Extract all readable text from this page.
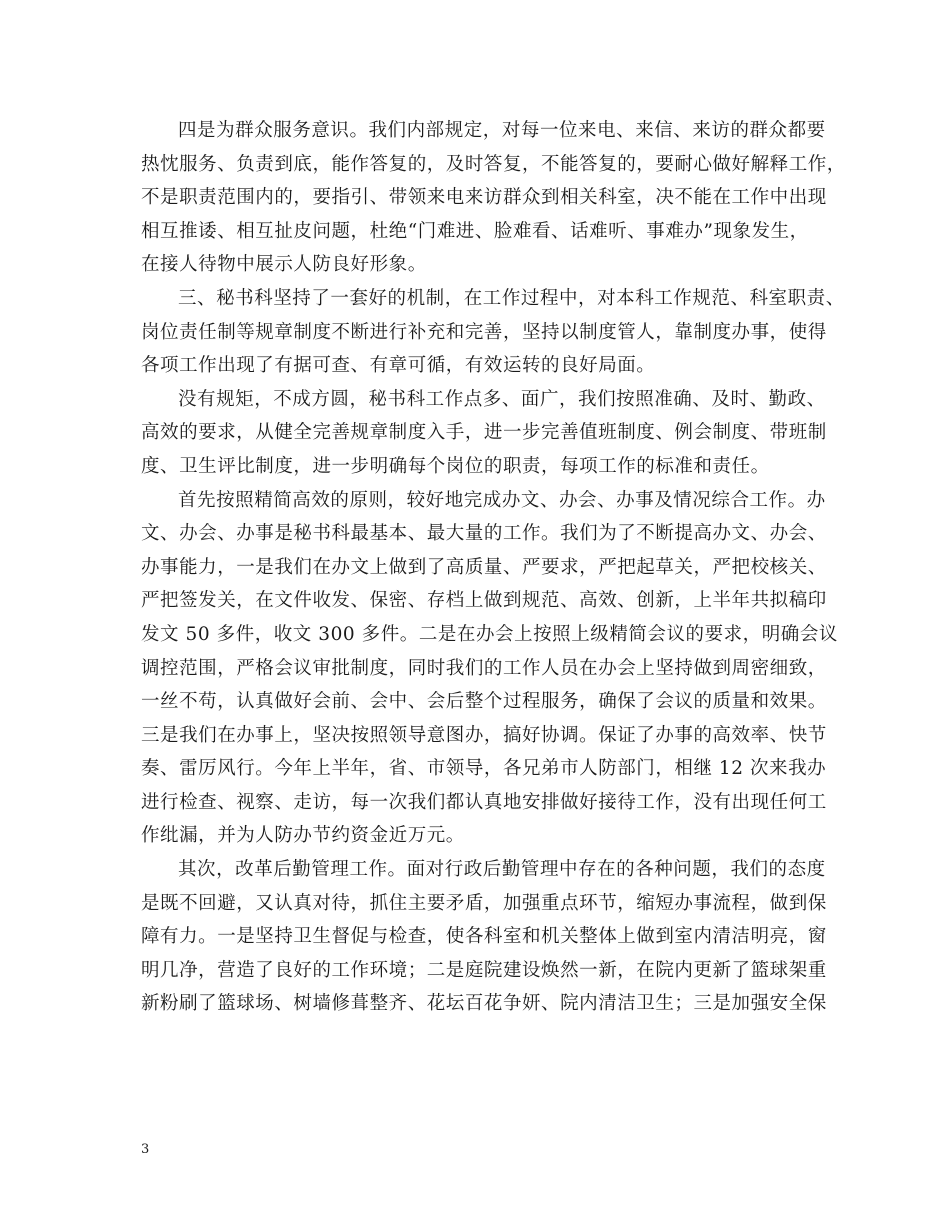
四是为群众服务意识。我们内部规定，对每一位来电、来信、来访的群众都要
热忱服务、负责到底，能作答复的，及时答复，不能答复的，要耐心做好解释工作，
不是职责范围内的，要指引、带领来电来访群众到相关科室，决不能在工作中出现
相互推诿、相互扯皮问题，杜绝“门难进、脸难看、话难听、事难办”现象发生，
在接人待物中展示人防良好形象。
三、秘书科坚持了一套好的机制，在工作过程中，对本科工作规范、科室职责、
岗位责任制等规章制度不断进行补充和完善，坚持以制度管人，靠制度办事，使得
各项工作出现了有据可查、有章可循，有效运转的良好局面。
没有规矩，不成方圆，秘书科工作点多、面广，我们按照准确、及时、勤政、
高效的要求，从健全完善规章制度入手，进一步完善值班制度、例会制度、带班制
度、卫生评比制度，进一步明确每个岗位的职责，每项工作的标准和责任。
首先按照精简高效的原则，较好地完成办文、办会、办事及情况综合工作。办
文、办会、办事是秘书科最基本、最大量的工作。我们为了不断提高办文、办会、
办事能力，一是我们在办文上做到了高质量、严要求，严把起草关，严把校核关、
严把签发关，在文件收发、保密、存档上做到规范、高效、创新，上半年共拟稿印
发文 50 多件，收文 300 多件。二是在办会上按照上级精简会议的要求，明确会议
调控范围，严格会议审批制度，同时我们的工作人员在办会上坚持做到周密细致，
一丝不苟，认真做好会前、会中、会后整个过程服务，确保了会议的质量和效果。
三是我们在办事上，坚决按照领导意图办，搞好协调。保证了办事的高效率、快节
奏、雷厉风行。今年上半年，省、市领导，各兄弟市人防部门，相继 12 次来我办
进行检查、视察、走访，每一次我们都认真地安排做好接待工作，没有出现任何工
作纰漏，并为人防办节约资金近万元。
其次，改革后勤管理工作。面对行政后勤管理中存在的各种问题，我们的态度
是既不回避，又认真对待，抓住主要矛盾，加强重点环节，缩短办事流程，做到保
障有力。一是坚持卫生督促与检查，使各科室和机关整体上做到室内清洁明亮，窗
明几净，营造了良好的工作环境；二是庭院建设焕然一新，在院内更新了篮球架重
新粉刷了篮球场、树墙修葺整齐、花坛百花争妍、院内清洁卫生；三是加强安全保
3
